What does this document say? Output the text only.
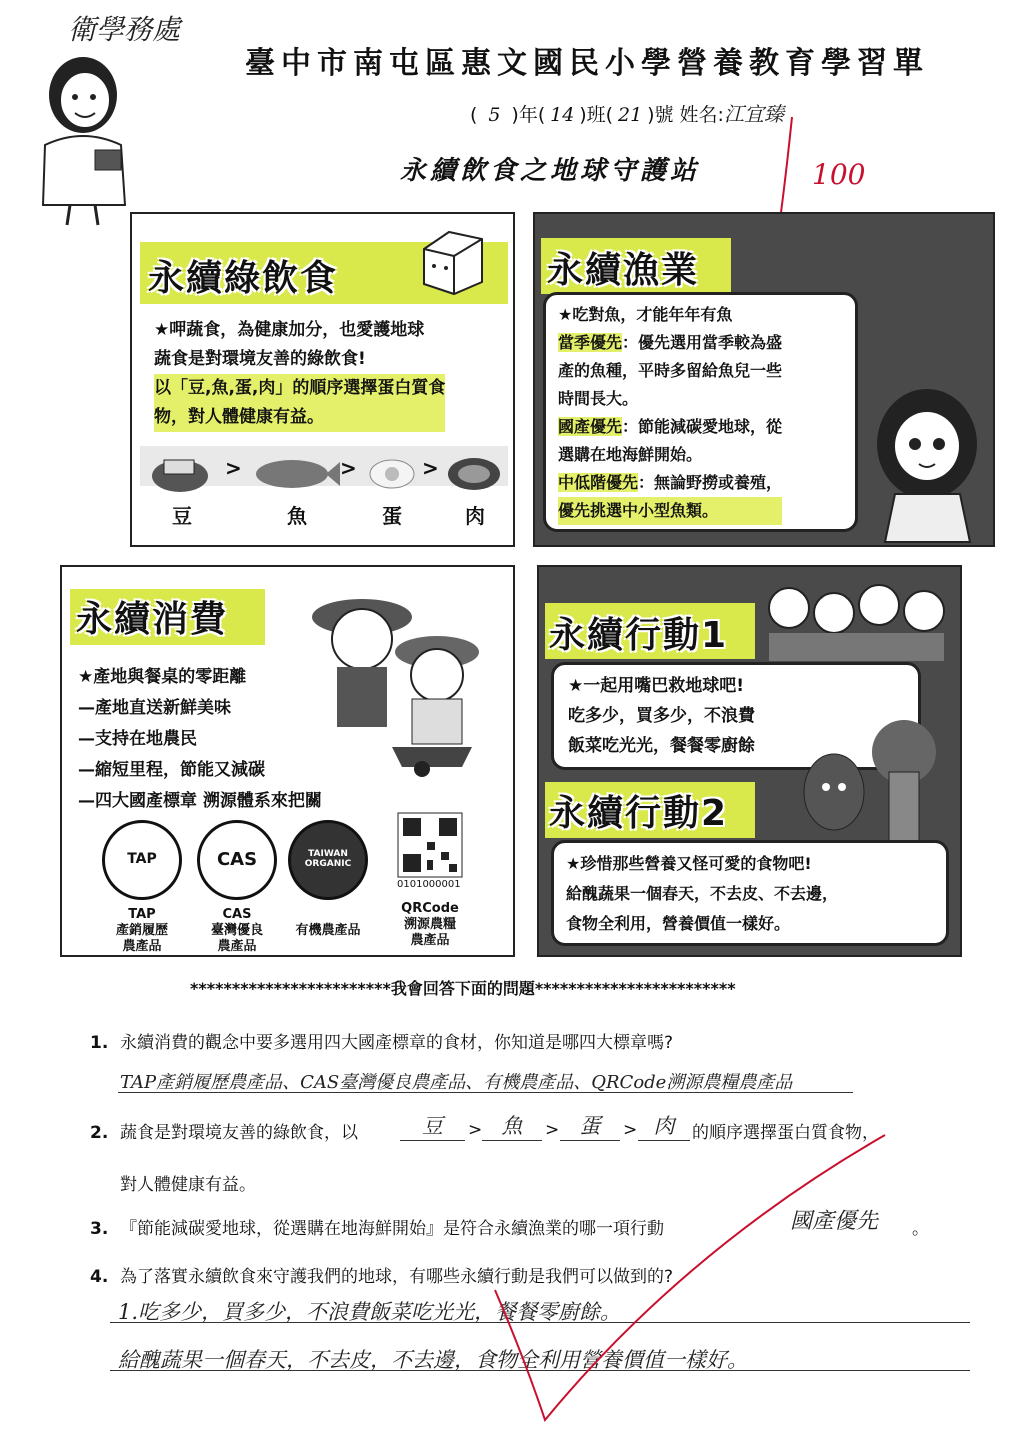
衛學務處
臺中市南屯區惠文國民小學營養教育學習單
( 5 )年( 14 )班( 21 )號 姓名:江宜臻
100
永續飲食之地球守護站
永續綠飲食
★呷蔬食，為健康加分，也愛護地球
蔬食是對環境友善的綠飲食!
以「豆,魚,蛋,肉」的順序選擇蛋白質食
物，對人體健康有益。
>	>	>
豆	魚	蛋	肉
永續漁業
★吃對魚，才能年年有魚
當季優先：優先選用當季較為盛
產的魚種，平時多留給魚兒一些
時間長大。
國產優先：節能減碳愛地球，從
選購在地海鮮開始。
中低階優先：無論野撈或養殖，
優先挑選中小型魚類。
永續消費
★產地與餐桌的零距離
—產地直送新鮮美味
—支持在地農民
—縮短里程，節能又減碳
—四大國產標章 溯源體系來把關
TAP	CAS	TAIWAN ORGANIC
0101000001
TAP
產銷履歷
農產品
CAS
臺灣優良
農產品
有機農產品
QRCode
溯源農糧
農產品
永續行動1
★一起用嘴巴救地球吧!
吃多少，買多少，不浪費
飯菜吃光光，餐餐零廚餘
永續行動2
★珍惜那些營養又怪可愛的食物吧!
給醜蔬果一個春天，不去皮、不去邊，
食物全利用，營養價值一樣好。
************************我會回答下面的問題************************
1. 永續消費的觀念中要多選用四大國產標章的食材，你知道是哪四大標章嗎?
TAP產銷履歷農產品、CAS臺灣優良農產品、有機農產品、QRCode溯源農糧農產品
2. 蔬食是對環境友善的綠飲食，以	豆	> 魚	> 蛋	> 肉	的順序選擇蛋白質食物，
對人體健康有益。
3. 『節能減碳愛地球，從選購在地海鮮開始』是符合永續漁業的哪一項行動	國產優先 。
4. 為了落實永續飲食來守護我們的地球，有哪些永續行動是我們可以做到的?
1.吃多少，買多少，不浪費飯菜吃光光，餐餐零廚餘。
給醜蔬果一個春天，不去皮，不去邊，食物全利用營養價值一樣好。
